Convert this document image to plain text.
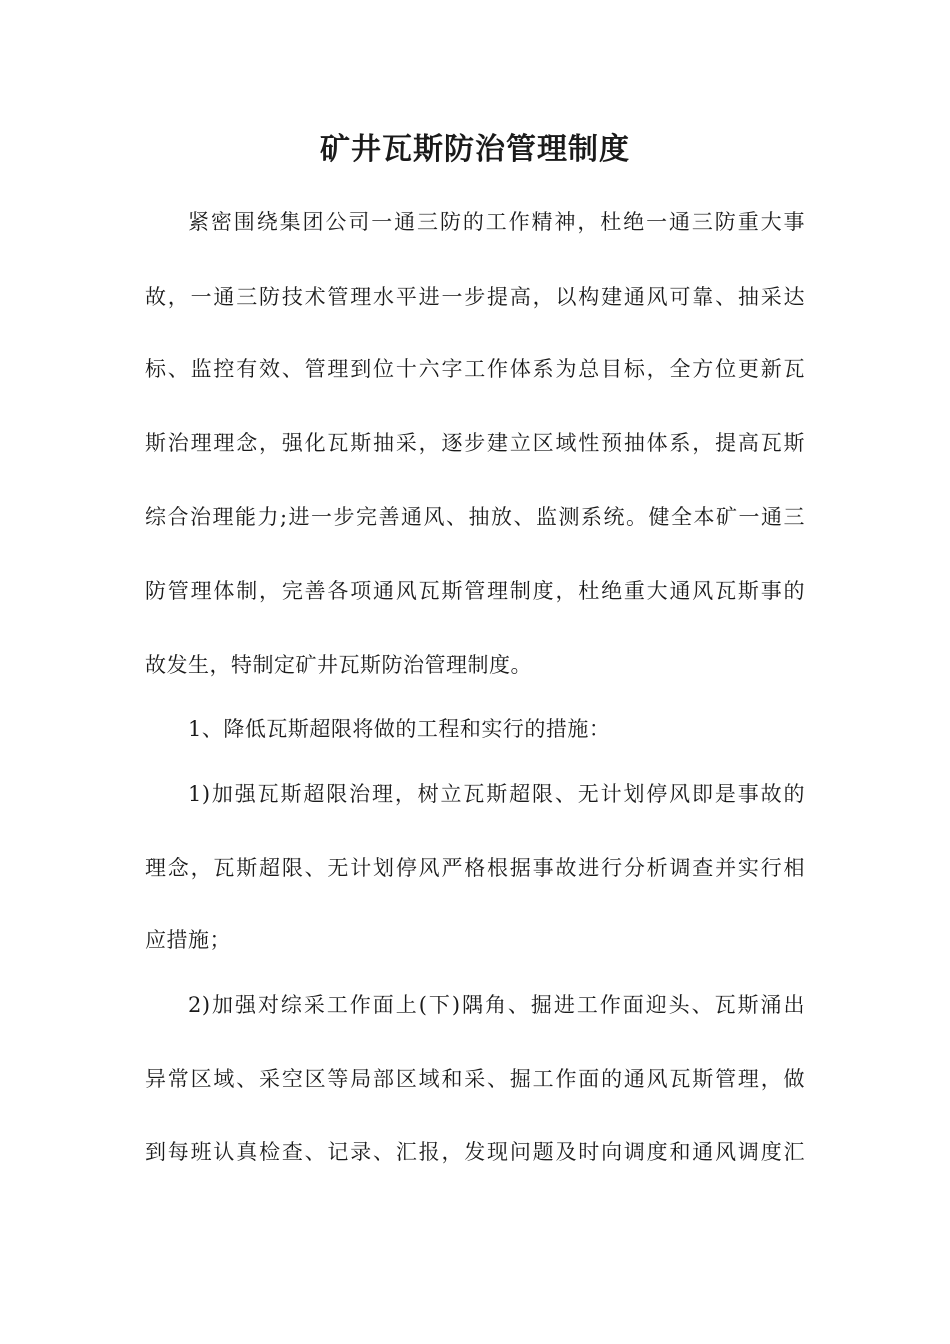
矿井瓦斯防治管理制度
紧密围绕集团公司一通三防的工作精神，杜绝一通三防重大事
故，一通三防技术管理水平进一步提高，以构建通风可靠、抽采达
标、监控有效、管理到位十六字工作体系为总目标，全方位更新瓦
斯治理理念，强化瓦斯抽采，逐步建立区域性预抽体系，提高瓦斯
综合治理能力;进一步完善通风、抽放、监测系统。健全本矿一通三
防管理体制，完善各项通风瓦斯管理制度，杜绝重大通风瓦斯事的
故发生，特制定矿井瓦斯防治管理制度。
1、降低瓦斯超限将做的工程和实行的措施：
1)加强瓦斯超限治理，树立瓦斯超限、无计划停风即是事故的
理念，瓦斯超限、无计划停风严格根据事故进行分析调查并实行相
应措施；
2)加强对综采工作面上(下)隅角、掘进工作面迎头、瓦斯涌出
异常区域、采空区等局部区域和采、掘工作面的通风瓦斯管理，做
到每班认真检查、记录、汇报，发现问题及时向调度和通风调度汇
